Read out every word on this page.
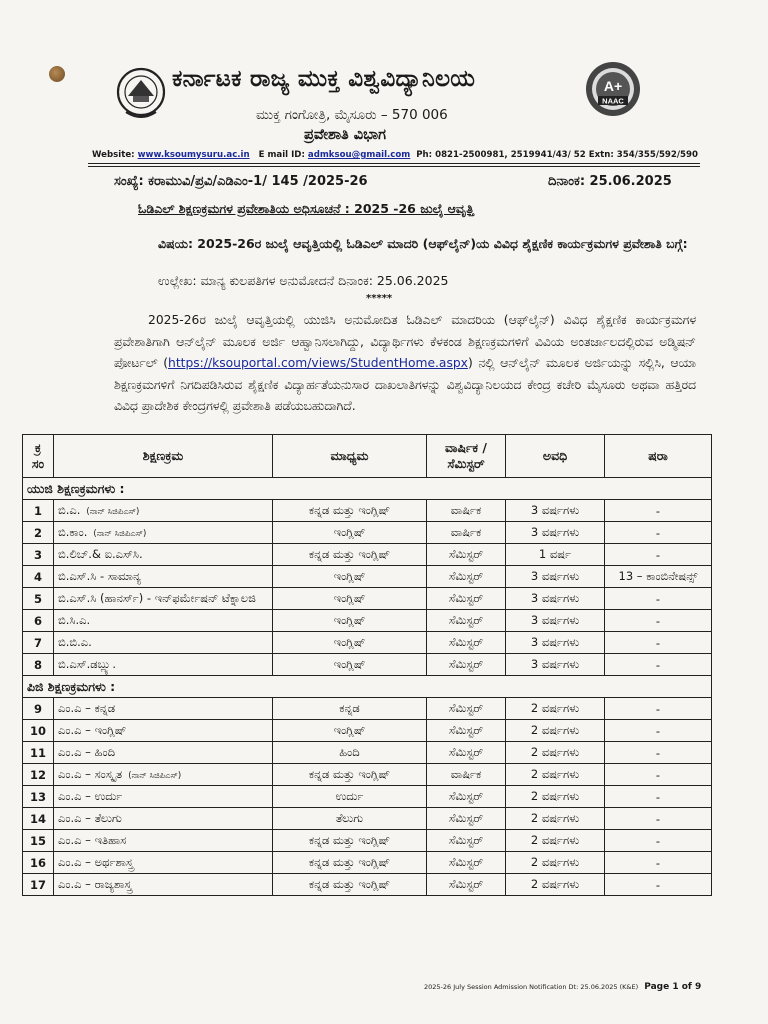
ಕರ್ನಾಟಕ ರಾಜ್ಯ ಮುಕ್ತ ವಿಶ್ವವಿದ್ಯಾನಿಲಯ	A+
NAAC
ಮುಕ್ತ ಗಂಗೋತ್ರಿ, ಮೈಸೂರು – 570 006
ಪ್ರವೇಶಾತಿ ವಿಭಾಗ
Website: www.ksoumysuru.ac.in E mail ID: admksou@gmail.com Ph: 0821-2500981, 2519941/43/ 52 Extn: 354/355/592/590
ಸಂಖ್ಯೆ: ಕರಾಮುವಿ/ಪ್ರವಿ/ಎಡಿಎಂ-1/ 145 /2025-26	ದಿನಾಂಕ: 25.06.2025
ಓಡಿಎಲ್ ಶಿಕ್ಷಣಕ್ರಮಗಳ ಪ್ರವೇಶಾತಿಯ ಅಧಿಸೂಚನೆ : 2025 -26 ಜುಲೈ ಆವೃತ್ತಿ
ವಿಷಯ: 2025-26ರ ಜುಲೈ ಆವೃತ್ತಿಯಲ್ಲಿ ಓಡಿಎಲ್ ಮಾದರಿ (ಆಫ್‌ಲೈನ್)ಯ ವಿವಿಧ ಶೈಕ್ಷಣಿಕ ಕಾರ್ಯಕ್ರಮಗಳ ಪ್ರವೇಶಾತಿ ಬಗ್ಗೆ:
ಉಲ್ಲೇಖ: ಮಾನ್ಯ ಕುಲಪತಿಗಳ ಅನುಮೋದನೆ ದಿನಾಂಕ: 25.06.2025
*****
2025-26ರ ಜುಲೈ ಆವೃತ್ತಿಯಲ್ಲಿ ಯುಜಿಸಿ ಅನುಮೋದಿತ ಓಡಿಎಲ್ ಮಾದರಿಯ (ಆಫ್‌ಲೈನ್) ವಿವಿಧ ಶೈಕ್ಷಣಿಕ ಕಾರ್ಯಕ್ರಮಗಳ ಪ್ರವೇಶಾತಿಗಾಗಿ ಆನ್‌ಲೈನ್ ಮೂಲಕ ಅರ್ಜಿ ಆಹ್ವಾನಿಸಲಾಗಿದ್ದು, ವಿದ್ಯಾರ್ಥಿಗಳು ಕೆಳಕಂಡ ಶಿಕ್ಷಣಕ್ರಮಗಳಿಗೆ ವಿವಿಯ ಅಂತರ್ಜಾಲದಲ್ಲಿರುವ ಅಡ್ಮಿಷನ್ ಪೋರ್ಟಲ್ (https://ksouportal.com/views/StudentHome.aspx) ನಲ್ಲಿ ಆನ್‌ಲೈನ್ ಮೂಲಕ ಅರ್ಜಿಯನ್ನು ಸಲ್ಲಿಸಿ, ಆಯಾ ಶಿಕ್ಷಣಕ್ರಮಗಳಿಗೆ ನಿಗದಿಪಡಿಸಿರುವ ಶೈಕ್ಷಣಿಕ ವಿದ್ಯಾರ್ಹತೆಯನುಸಾರ ದಾಖಲಾತಿಗಳನ್ನು ವಿಶ್ವವಿದ್ಯಾನಿಲಯದ ಕೇಂದ್ರ ಕಚೇರಿ ಮೈಸೂರು ಅಥವಾ ಹತ್ತಿರದ ವಿವಿಧ ಪ್ರಾದೇಶಿಕ ಕೇಂದ್ರಗಳಲ್ಲಿ ಪ್ರವೇಶಾತಿ ಪಡೆಯಬಹುದಾಗಿದೆ.
ಕ್ರ ಸಂ	ಶಿಕ್ಷಣಕ್ರಮ	ಮಾಧ್ಯಮ	ವಾರ್ಷಿಕ / ಸೆಮಿಸ್ಟರ್	ಅವಧಿ	ಷರಾ
ಯುಜಿ ಶಿಕ್ಷಣಕ್ರಮಗಳು :					
1	ಬಿ.ಎ. (ನಾನ್ ಸಿಜಿಪಿಎಸ್)	ಕನ್ನಡ ಮತ್ತು ಇಂಗ್ಲಿಷ್	ವಾರ್ಷಿಕ	3 ವರ್ಷಗಳು	-
2	ಬಿ.ಕಾಂ. (ನಾನ್ ಸಿಜಿಪಿಎಸ್)	ಇಂಗ್ಲಿಷ್	ವಾರ್ಷಿಕ	3 ವರ್ಷಗಳು	-
3	ಬಿ.ಲಿಬ್.& ಐ.ಎಸ್‌ಸಿ.	ಕನ್ನಡ ಮತ್ತು ಇಂಗ್ಲಿಷ್	ಸೆಮಿಸ್ಟರ್	1 ವರ್ಷ	-
4	ಬಿ.ಎಸ್.ಸಿ - ಸಾಮಾನ್ಯ	ಇಂಗ್ಲಿಷ್	ಸೆಮಿಸ್ಟರ್	3 ವರ್ಷಗಳು	13 – ಕಾಂಬಿನೇಷನ್ಸ್
5	ಬಿ.ಎಸ್.ಸಿ (ಹಾನರ್ಸ್) - ಇನ್‌ಫರ್ಮೇಷನ್ ಟೆಕ್ನಾಲಜಿ	ಇಂಗ್ಲಿಷ್	ಸೆಮಿಸ್ಟರ್	3 ವರ್ಷಗಳು	-
6	ಬಿ.ಸಿ.ಎ.	ಇಂಗ್ಲಿಷ್	ಸೆಮಿಸ್ಟರ್	3 ವರ್ಷಗಳು	-
7	ಬಿ.ಬಿ.ಎ.	ಇಂಗ್ಲಿಷ್	ಸೆಮಿಸ್ಟರ್	3 ವರ್ಷಗಳು	-
8	ಬಿ.ಎಸ್.ಡಬ್ಲ್ಯು.	ಇಂಗ್ಲಿಷ್	ಸೆಮಿಸ್ಟರ್	3 ವರ್ಷಗಳು	-
ಪಿಜಿ ಶಿಕ್ಷಣಕ್ರಮಗಳು :					
9	ಎಂ.ಎ – ಕನ್ನಡ	ಕನ್ನಡ	ಸೆಮಿಸ್ಟರ್	2 ವರ್ಷಗಳು	-
10	ಎಂ.ಎ – ಇಂಗ್ಲಿಷ್	ಇಂಗ್ಲಿಷ್	ಸೆಮಿಸ್ಟರ್	2 ವರ್ಷಗಳು	-
11	ಎಂ.ಎ – ಹಿಂದಿ	ಹಿಂದಿ	ಸೆಮಿಸ್ಟರ್	2 ವರ್ಷಗಳು	-
12	ಎಂ.ಎ – ಸಂಸ್ಕೃತ (ನಾನ್ ಸಿಜಿಪಿಎಸ್)	ಕನ್ನಡ ಮತ್ತು ಇಂಗ್ಲಿಷ್	ವಾರ್ಷಿಕ	2 ವರ್ಷಗಳು	-
13	ಎಂ.ಎ – ಉರ್ದು	ಉರ್ದು	ಸೆಮಿಸ್ಟರ್	2 ವರ್ಷಗಳು	-
14	ಎಂ.ಎ – ತೆಲುಗು	ತೆಲುಗು	ಸೆಮಿಸ್ಟರ್	2 ವರ್ಷಗಳು	-
15	ಎಂ.ಎ – ಇತಿಹಾಸ	ಕನ್ನಡ ಮತ್ತು ಇಂಗ್ಲಿಷ್	ಸೆಮಿಸ್ಟರ್	2 ವರ್ಷಗಳು	-
16	ಎಂ.ಎ – ಅರ್ಥಶಾಸ್ತ್ರ	ಕನ್ನಡ ಮತ್ತು ಇಂಗ್ಲಿಷ್	ಸೆಮಿಸ್ಟರ್	2 ವರ್ಷಗಳು	-
17	ಎಂ.ಎ – ರಾಜ್ಯಶಾಸ್ತ್ರ	ಕನ್ನಡ ಮತ್ತು ಇಂಗ್ಲಿಷ್	ಸೆಮಿಸ್ಟರ್	2 ವರ್ಷಗಳು	-
2025-26 July Session Admission Notification Dt: 25.06.2025 (K&E) Page 1 of 9
